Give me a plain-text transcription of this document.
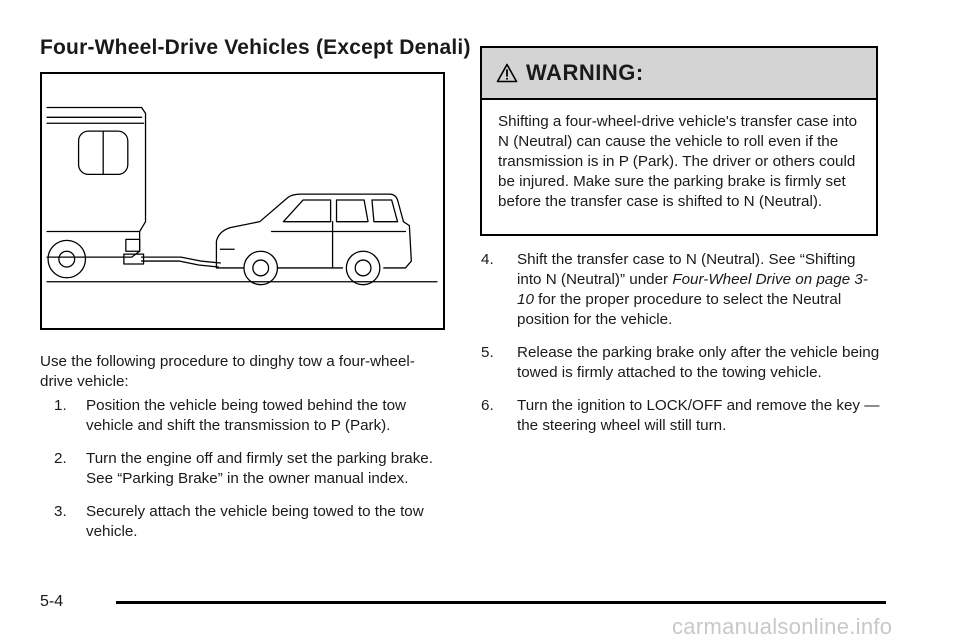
Four-Wheel-Drive Vehicles (Except Denali)

Use the following procedure to dinghy tow a four-wheel-drive vehicle:

1. Position the vehicle being towed behind the tow vehicle and shift the transmission to P (Park).
2. Turn the engine off and firmly set the parking brake. See “Parking Brake” in the owner manual index.
3. Securely attach the vehicle being towed to the tow vehicle.
WARNING:

Shifting a four-wheel-drive vehicle's transfer case into N (Neutral) can cause the vehicle to roll even if the transmission is in P (Park). The driver or others could be injured. Make sure the parking brake is firmly set before the transfer case is shifted to N (Neutral).

4. Shift the transfer case to N (Neutral). See “Shifting into N (Neutral)” under Four-Wheel Drive on page 3-10 for the proper procedure to select the Neutral position for the vehicle.
5. Release the parking brake only after the vehicle being towed is firmly attached to the towing vehicle.
6. Turn the ignition to LOCK/OFF and remove the key — the steering wheel will still turn.
5-4
carmanualsonline.info
